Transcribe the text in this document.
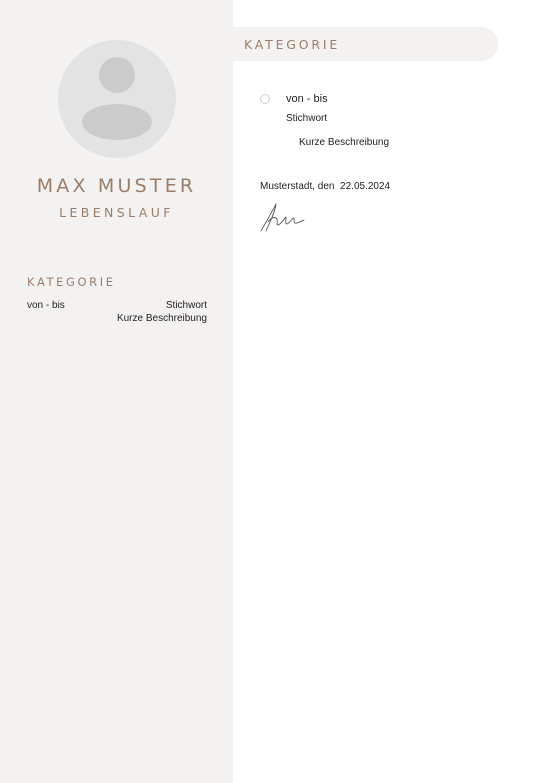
MAX MUSTER
LEBENSLAUF
KATEGORIE
von - bis	Stichwort
Kurze Beschreibung
KATEGORIE
von - bis
Stichwort
Kurze Beschreibung
Musterstadt, den  22.05.2024
